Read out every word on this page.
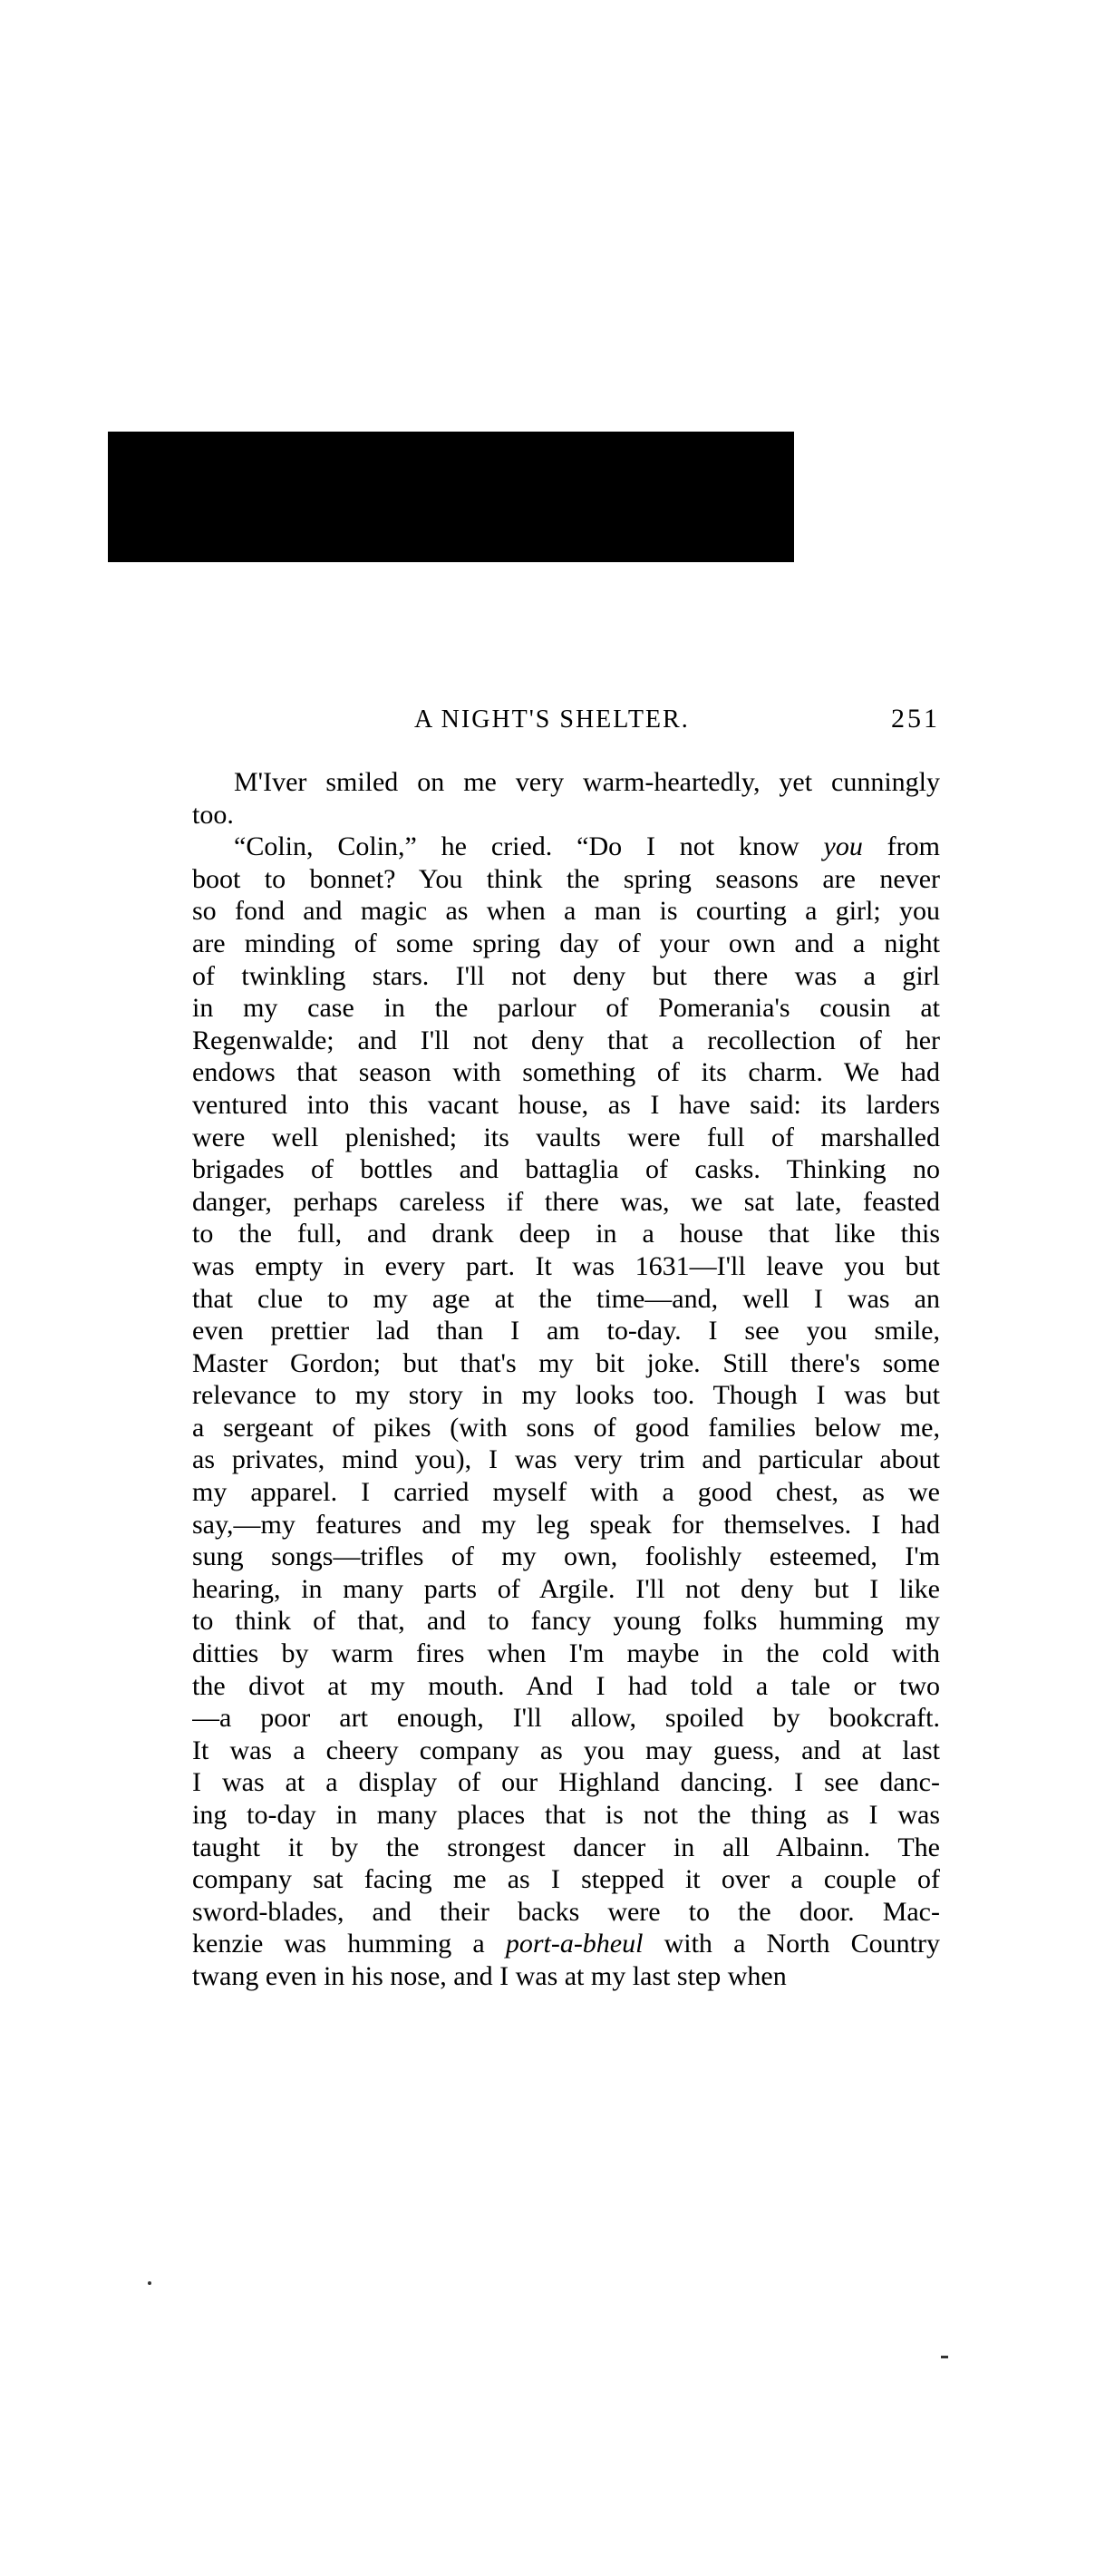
A NIGHT'S SHELTER.	251
M'Iver smiled on me very warm-heartedly, yet cunningly
too.
“Colin, Colin,” he cried. “Do I not know you from
boot to bonnet? You think the spring seasons are never
so fond and magic as when a man is courting a girl; you
are minding of some spring day of your own and a night
of twinkling stars. I'll not deny but there was a girl
in my case in the parlour of Pomerania's cousin at
Regenwalde; and I'll not deny that a recollection of her
endows that season with something of its charm. We had
ventured into this vacant house, as I have said: its larders
were well plenished; its vaults were full of marshalled
brigades of bottles and battaglia of casks. Thinking no
danger, perhaps careless if there was, we sat late, feasted
to the full, and drank deep in a house that like this
was empty in every part. It was 1631—I'll leave you but
that clue to my age at the time—and, well I was an
even prettier lad than I am to-day. I see you smile,
Master Gordon; but that's my bit joke. Still there's some
relevance to my story in my looks too. Though I was but
a sergeant of pikes (with sons of good families below me,
as privates, mind you), I was very trim and particular about
my apparel. I carried myself with a good chest, as we
say,—my features and my leg speak for themselves. I had
sung songs—trifles of my own, foolishly esteemed, I'm
hearing, in many parts of Argile. I'll not deny but I like
to think of that, and to fancy young folks humming my
ditties by warm fires when I'm maybe in the cold with
the divot at my mouth. And I had told a tale or two
—a poor art enough, I'll allow, spoiled by bookcraft.
It was a cheery company as you may guess, and at last
I was at a display of our Highland dancing. I see danc-
ing to-day in many places that is not the thing as I was
taught it by the strongest dancer in all Albainn. The
company sat facing me as I stepped it over a couple of
sword-blades, and their backs were to the door. Mac-
kenzie was humming a port-a-bheul with a North Country
twang even in his nose, and I was at my last step when
